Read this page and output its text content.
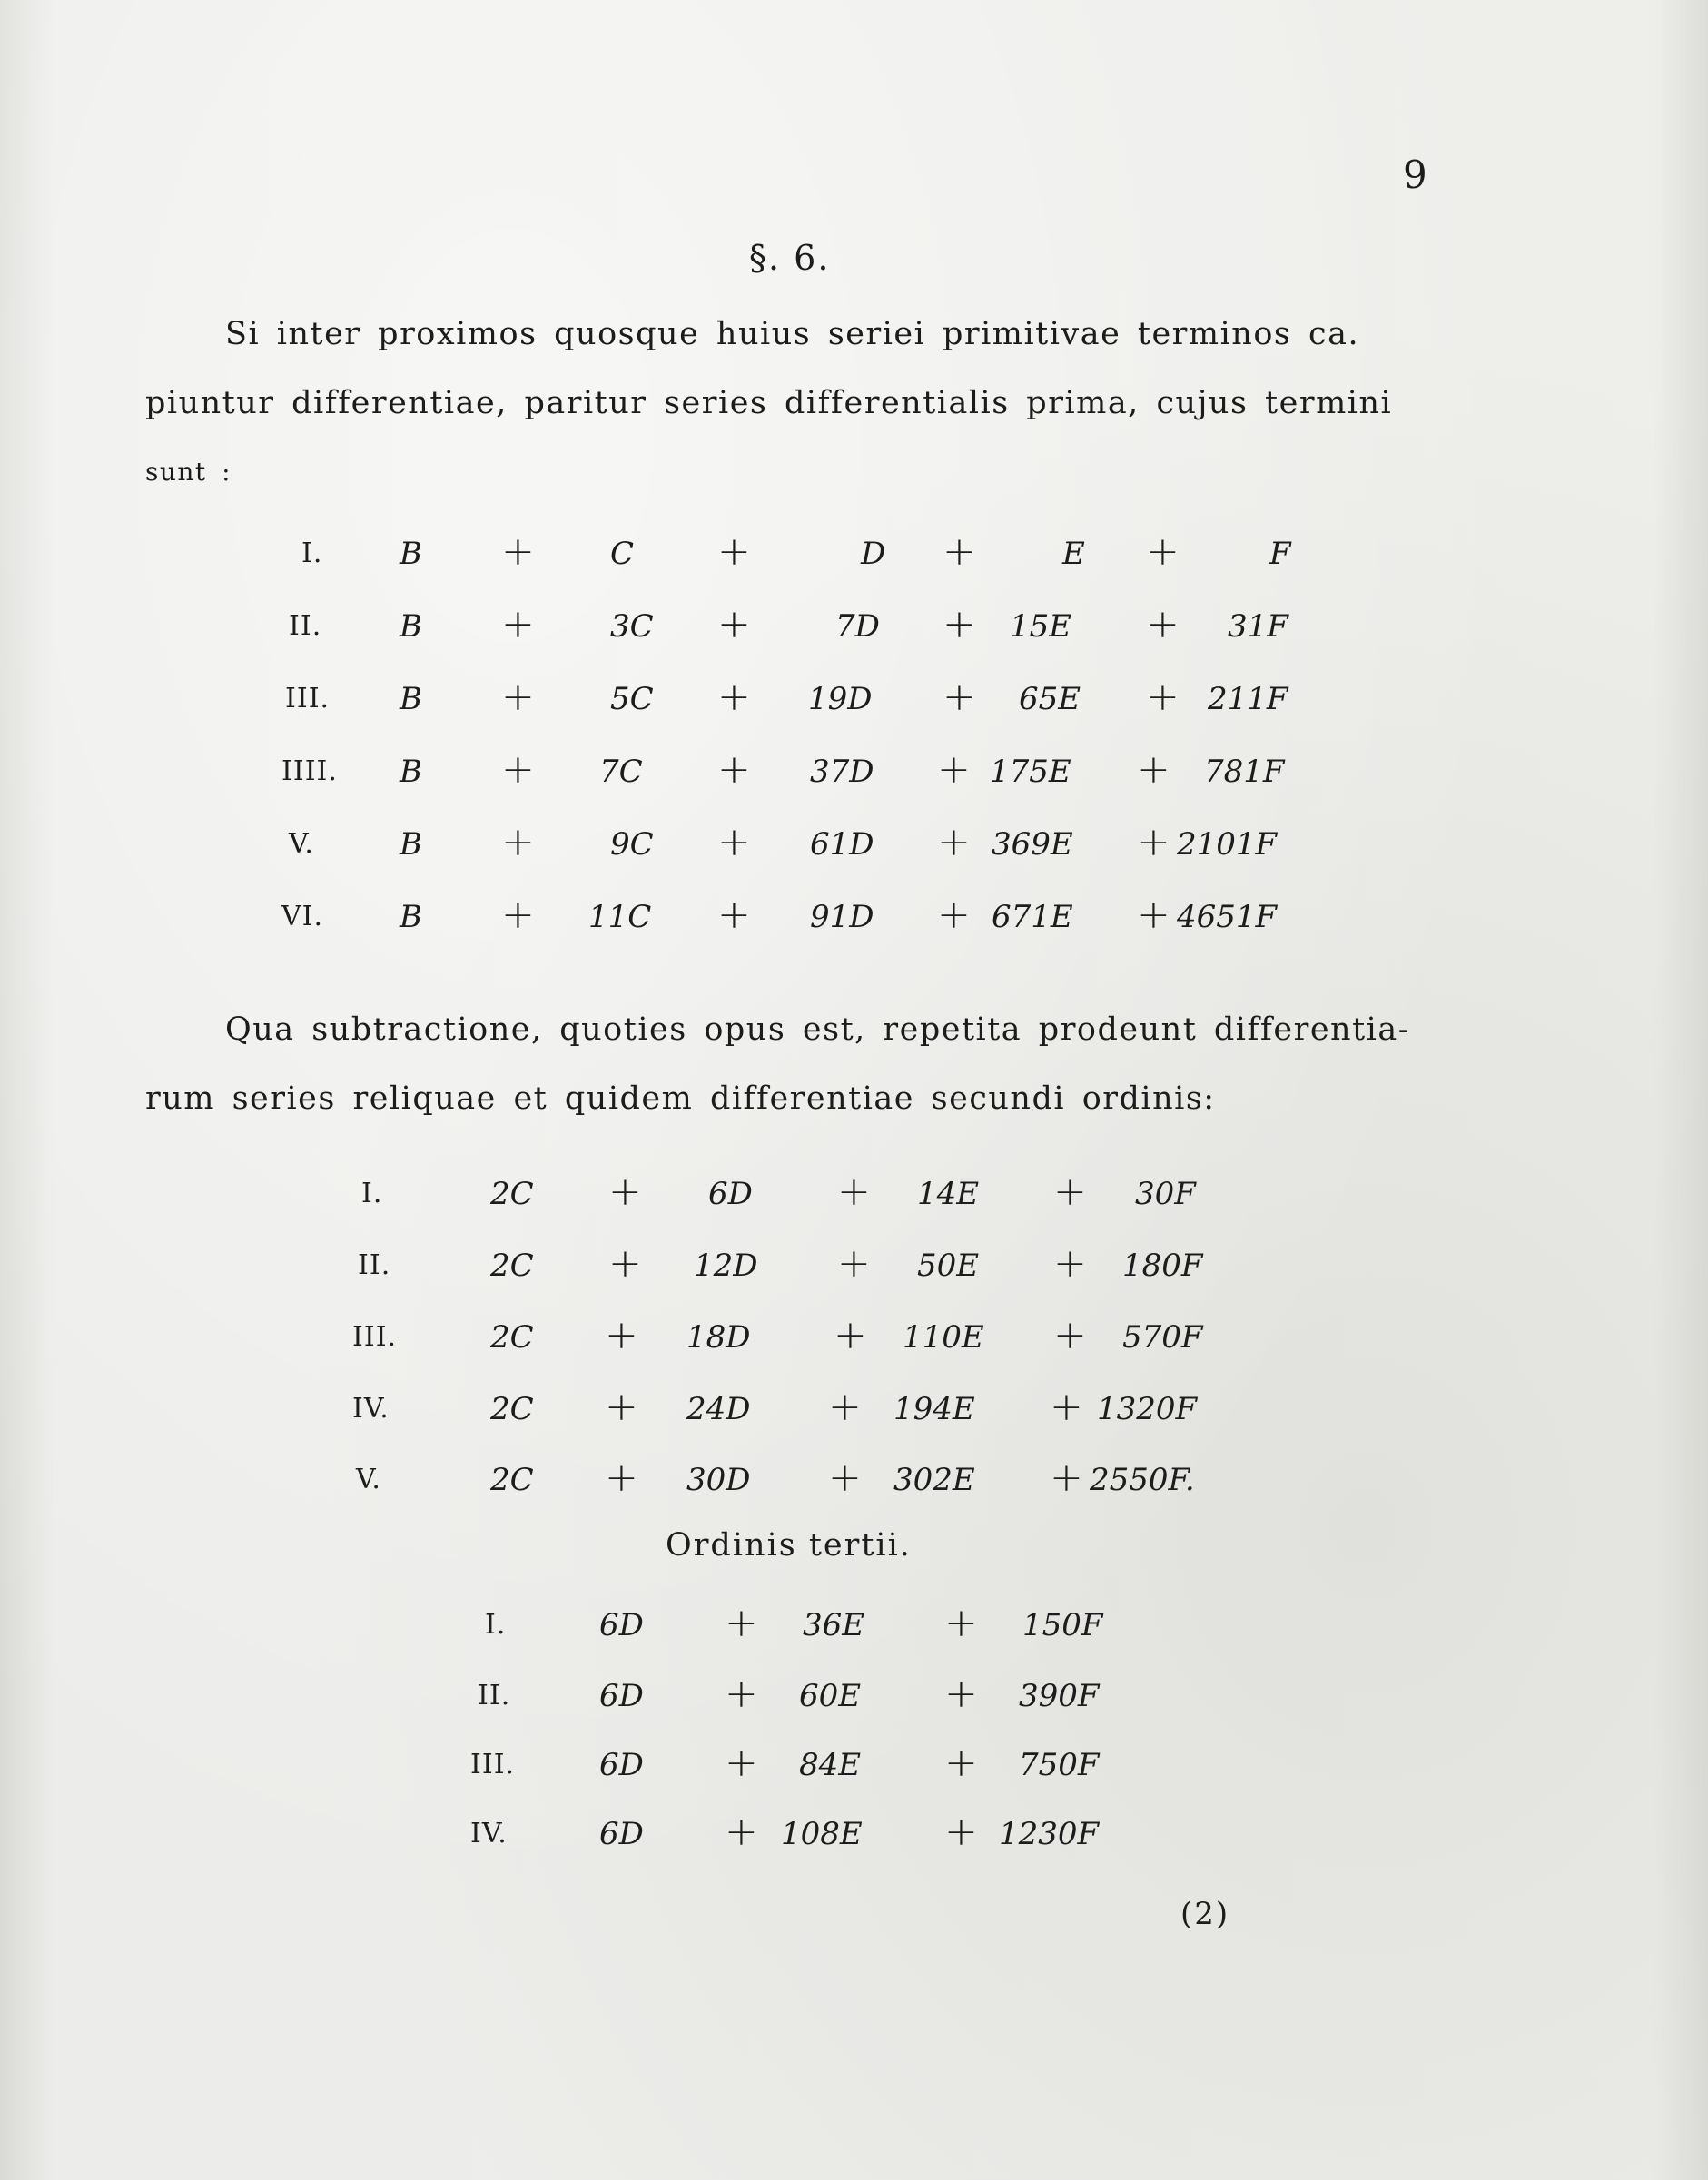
9
§. 6.
Si inter proximos quosque huius seriei primitivae terminos ca.
piuntur differentiae, paritur series differentialis prima, cujus termini
sunt :
I. B + C +	D +	E +	F
II.	B + 3C +	7D + 15E + 31F
III. B + 5C + 19D + 65E + 211F
IIII. B + 7C + 37D + 175E + 781F
V.	B + 9C + 61D + 369E + 2101F
VI. B + 11C + 91D + 671E + 4651F
Qua subtractione, quoties opus est, repetita prodeunt differentia-
rum series reliquae et quidem differentiae secundi ordinis:
I.	2C + 6D + 14E + 30F
II.	2C + 12D + 50E + 180F
III.	2C + 18D + 110E + 570F
IV.	2C + 24D + 194E + 1320F
V.	2C + 30D + 302E + 2550F.
Ordinis tertii.
I.	6D + 36E + 150F
II.	6D + 60E + 390F
III.	6D + 84E + 750F
IV.	6D + 108E + 1230F
(2)
